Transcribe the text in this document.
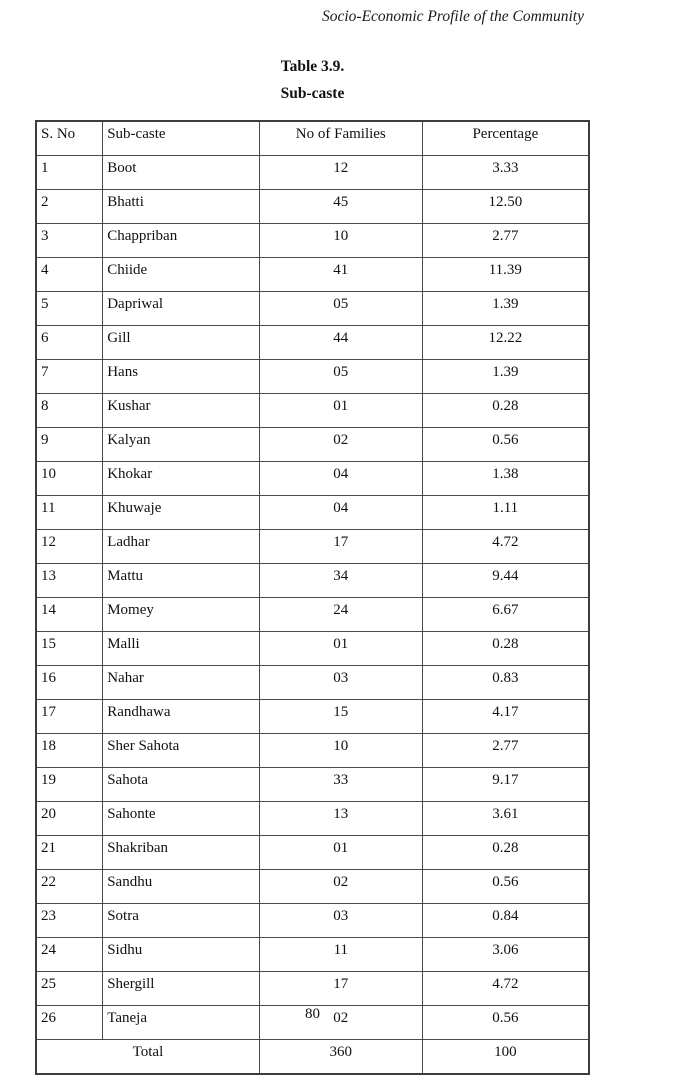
Socio-Economic Profile of the Community
Table 3.9.
Sub-caste
S. No	Sub-caste	No of Families	Percentage
1	Boot	12	3.33
2	Bhatti	45	12.50
3	Chappriban	10	2.77
4	Chiide	41	11.39
5	Dapriwal	05	1.39
6	Gill	44	12.22
7	Hans	05	1.39
8	Kushar	01	0.28
9	Kalyan	02	0.56
10	Khokar	04	1.38
11	Khuwaje	04	1.11
12	Ladhar	17	4.72
13	Mattu	34	9.44
14	Momey	24	6.67
15	Malli	01	0.28
16	Nahar	03	0.83
17	Randhawa	15	4.17
18	Sher Sahota	10	2.77
19	Sahota	33	9.17
20	Sahonte	13	3.61
21	Shakriban	01	0.28
22	Sandhu	02	0.56
23	Sotra	03	0.84
24	Sidhu	11	3.06
25	Shergill	17	4.72
26	Taneja	02	0.56
Total		360	100
80
